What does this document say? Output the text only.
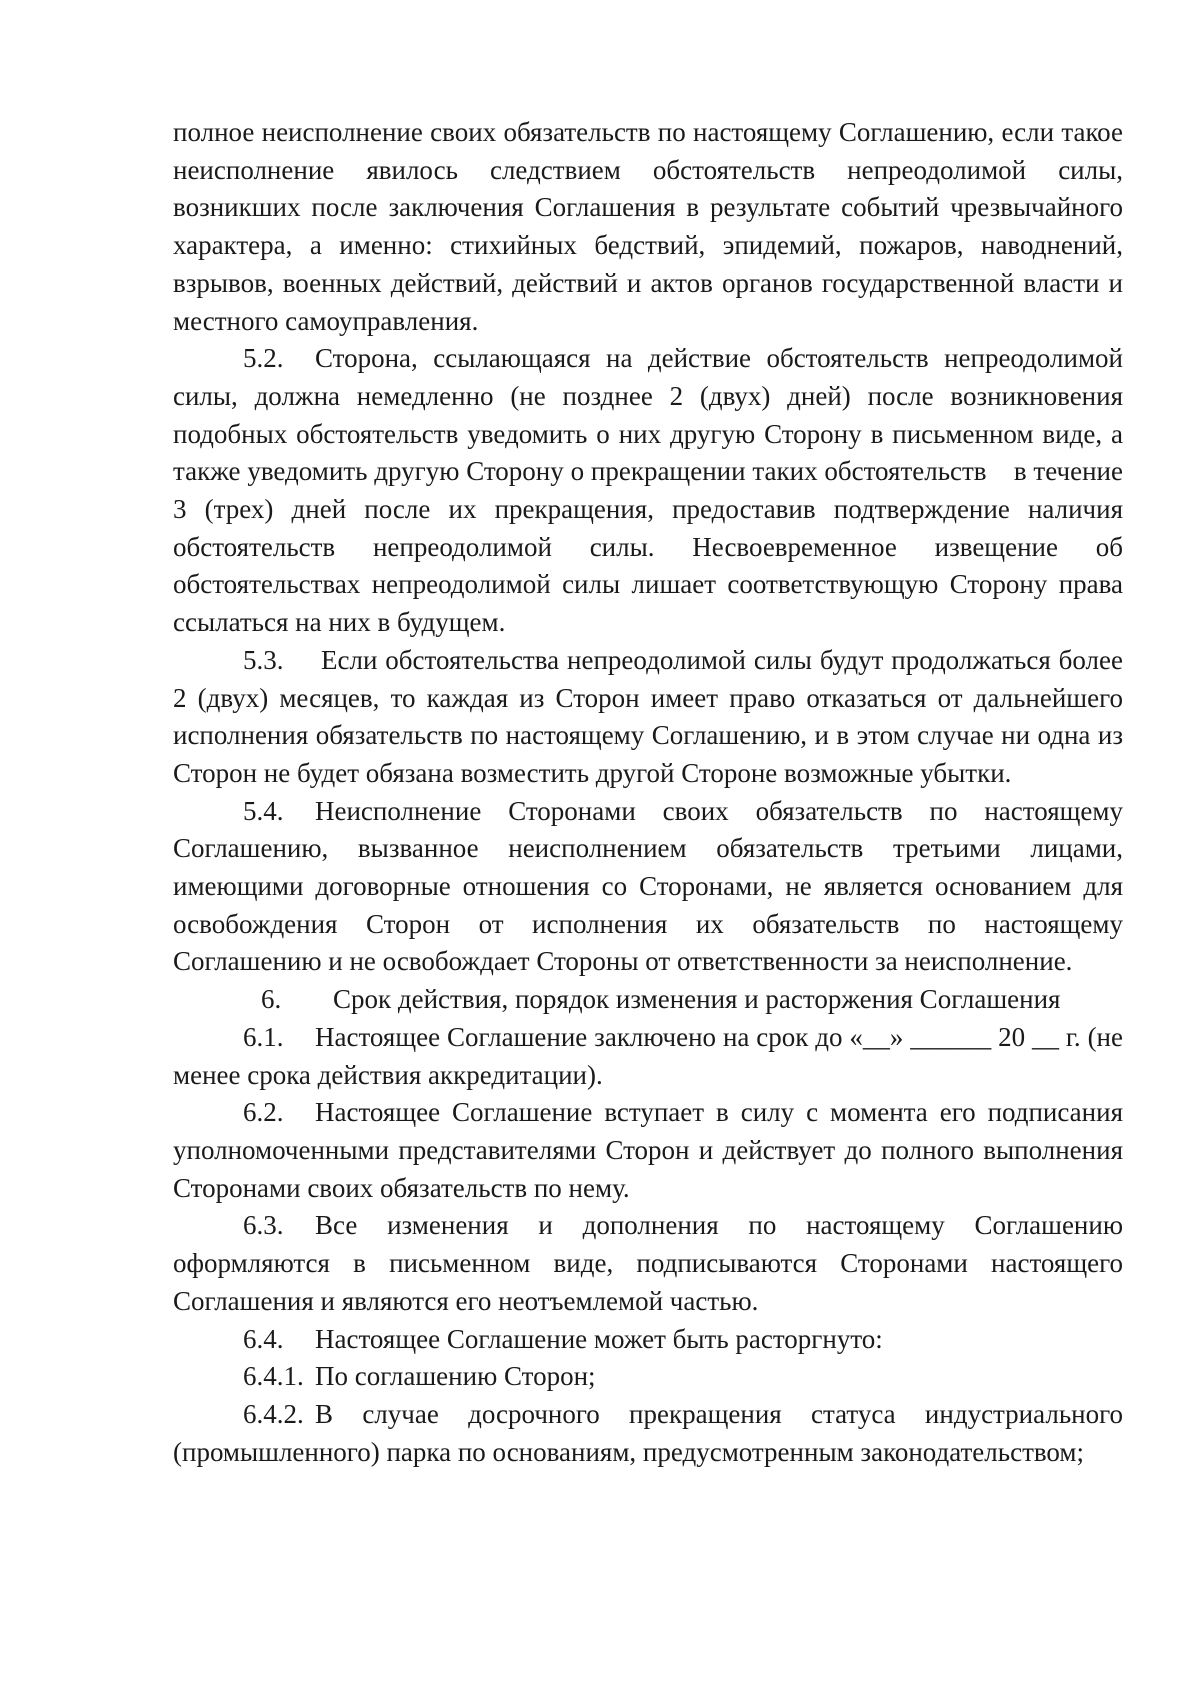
полное неисполнение своих обязательств по настоящему Соглашению, если такое неисполнение явилось следствием обстоятельств непреодолимой силы, возникших после заключения Соглашения в результате событий чрезвычайного характера, а именно: стихийных бедствий, эпидемий, пожаров, наводнений, взрывов, военных действий, действий и актов органов государственной власти и местного самоуправления.

5.2. Сторона, ссылающаяся на действие обстоятельств непреодолимой силы, должна немедленно (не позднее 2 (двух) дней) после возникновения подобных обстоятельств уведомить о них другую Сторону в письменном виде, а также уведомить другую Сторону о прекращении таких обстоятельств    в течение 3 (трех) дней после их прекращения, предоставив подтверждение наличия обстоятельств непреодолимой силы. Несвоевременное извещение об обстоятельствах непреодолимой силы лишает соответствующую Сторону права ссылаться на них в будущем.

5.3. Если обстоятельства непреодолимой силы будут продолжаться более 2 (двух) месяцев, то каждая из Сторон имеет право отказаться от дальнейшего исполнения обязательств по настоящему Соглашению, и в этом случае ни одна из Сторон не будет обязана возместить другой Стороне возможные убытки.

5.4. Неисполнение Сторонами своих обязательств по настоящему Соглашению, вызванное неисполнением обязательств третьими лицами, имеющими договорные отношения со Сторонами, не является основанием для освобождения Сторон от исполнения их обязательств по настоящему Соглашению и не освобождает Стороны от ответственности за неисполнение.

6. Срок действия, порядок изменения и расторжения Соглашения

6.1. Настоящее Соглашение заключено на срок до «__» ______ 20 __ г. (не менее срока действия аккредитации).

6.2. Настоящее Соглашение вступает в силу с момента его подписания уполномоченными представителями Сторон и действует до полного выполнения Сторонами своих обязательств по нему.

6.3. Все изменения и дополнения по настоящему Соглашению оформляются в письменном виде, подписываются Сторонами настоящего Соглашения и являются его неотъемлемой частью.

6.4. Настоящее Соглашение может быть расторгнуто:

6.4.1. По соглашению Сторон;

6.4.2. В случае досрочного прекращения статуса индустриального (промышленного) парка по основаниям, предусмотренным законодательством;
